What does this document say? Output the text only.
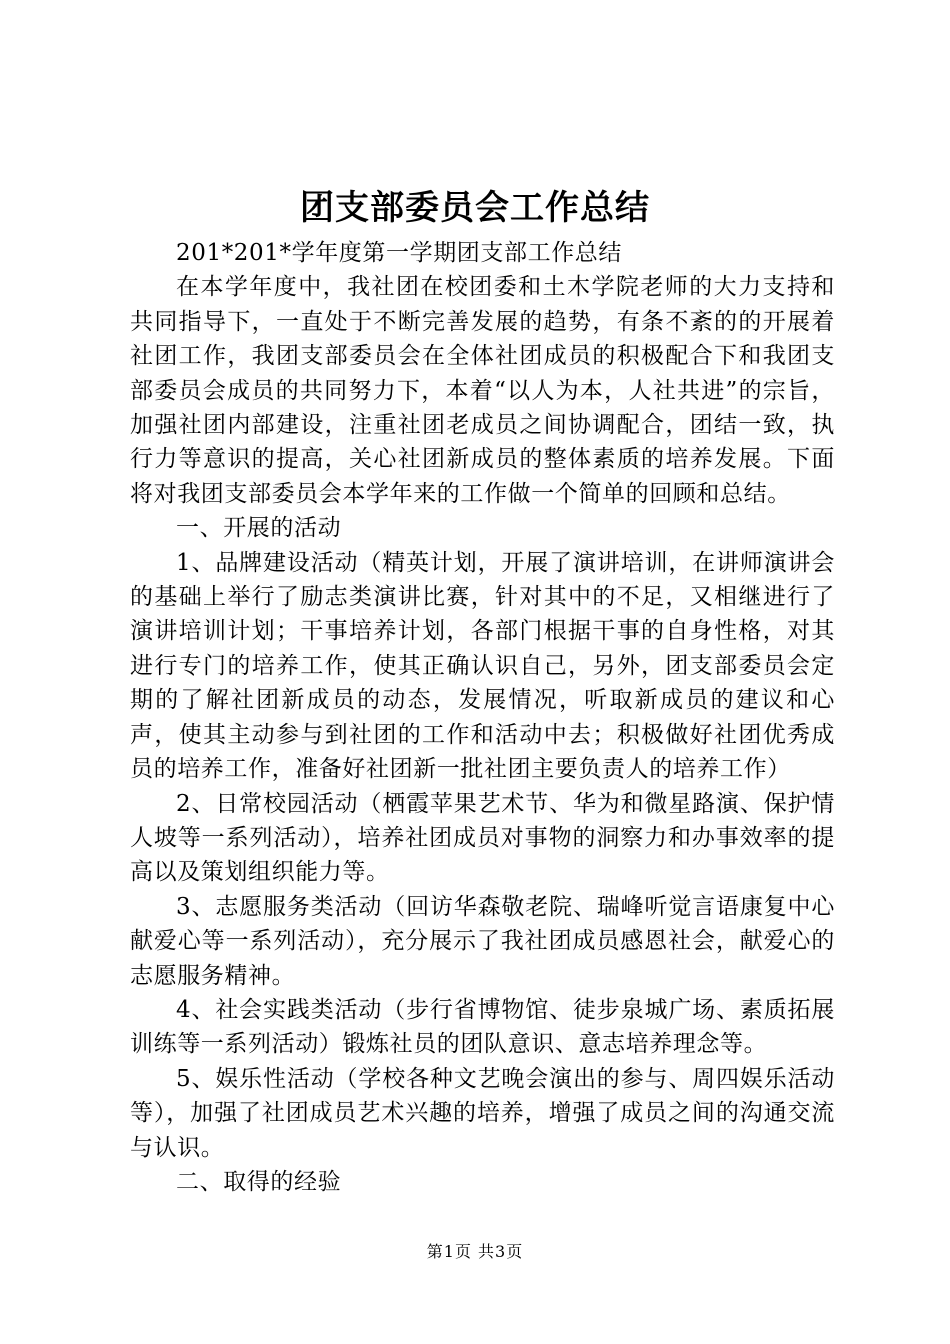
团支部委员会工作总结

201*201*学年度第一学期团支部工作总结

在本学年度中，我社团在校团委和土木学院老师的大力支持和共同指导下，一直处于不断完善发展的趋势，有条不紊的的开展着社团工作，我团支部委员会在全体社团成员的积极配合下和我团支部委员会成员的共同努力下，本着“以人为本，人社共进”的宗旨，加强社团内部建设，注重社团老成员之间协调配合，团结一致，执行力等意识的提高，关心社团新成员的整体素质的培养发展。下面将对我团支部委员会本学年来的工作做一个简单的回顾和总结。

一、开展的活动

1、品牌建设活动（精英计划，开展了演讲培训，在讲师演讲会的基础上举行了励志类演讲比赛，针对其中的不足，又相继进行了演讲培训计划；干事培养计划，各部门根据干事的自身性格，对其进行专门的培养工作，使其正确认识自己，另外，团支部委员会定期的了解社团新成员的动态，发展情况，听取新成员的建议和心声，使其主动参与到社团的工作和活动中去；积极做好社团优秀成员的培养工作，准备好社团新一批社团主要负责人的培养工作）

2、日常校园活动（栖霞苹果艺术节、华为和微星路演、保护情人坡等一系列活动），培养社团成员对事物的洞察力和办事效率的提高以及策划组织能力等。

3、志愿服务类活动（回访华森敬老院、瑞峰听觉言语康复中心献爱心等一系列活动），充分展示了我社团成员感恩社会，献爱心的志愿服务精神。

4、社会实践类活动（步行省博物馆、徒步泉城广场、素质拓展训练等一系列活动）锻炼社员的团队意识、意志培养理念等。

5、娱乐性活动（学校各种文艺晚会演出的参与、周四娱乐活动等），加强了社团成员艺术兴趣的培养，增强了成员之间的沟通交流与认识。

二、取得的经验

第1页 共3页
